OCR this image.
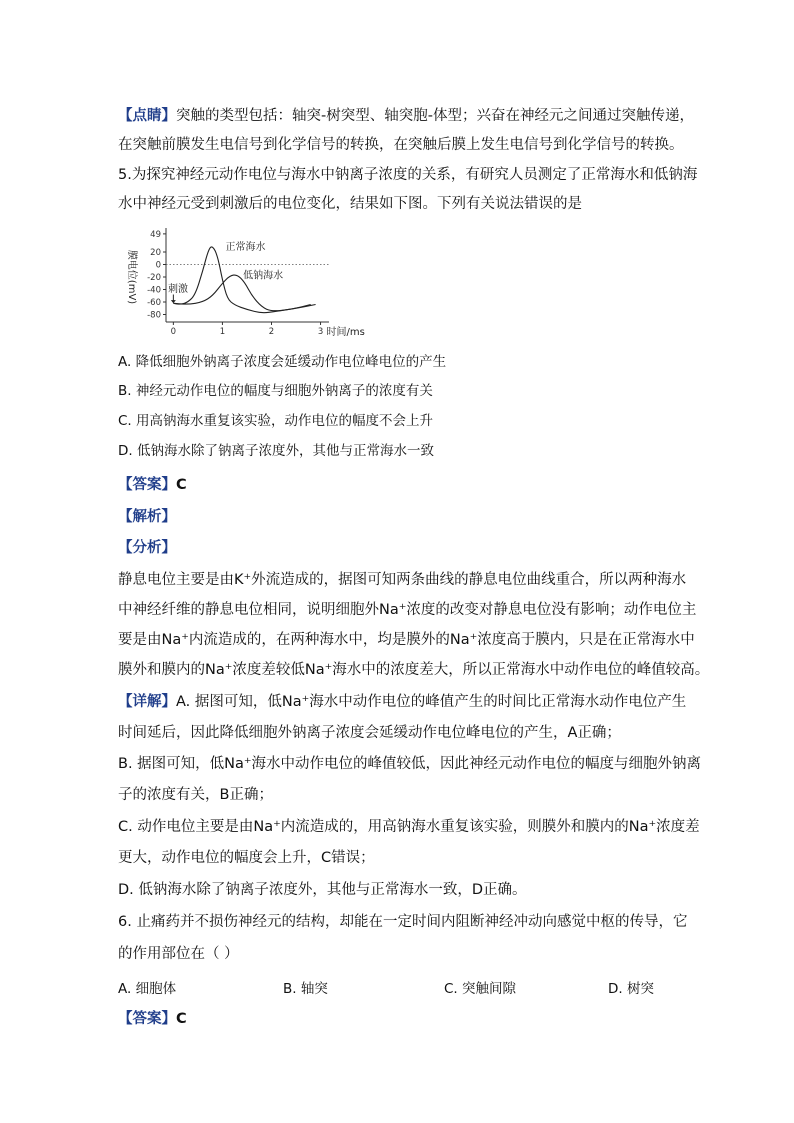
【点睛】突触的类型包括：轴突-树突型、轴突胞-体型；兴奋在神经元之间通过突触传递，
在突触前膜发生电信号到化学信号的转换，在突触后膜上发生电信号到化学信号的转换。
5.为探究神经元动作电位与海水中钠离子浓度的关系，有研究人员测定了正常海水和低钠海
水中神经元受到刺激后的电位变化，结果如下图。下列有关说法错误的是
49
20
0
-20
-40
-60
-80
0	1	2	3
膜电位(mV)
时间/ms
正常海水
低钠海水
刺激
A. 降低细胞外钠离子浓度会延缓动作电位峰电位的产生
B. 神经元动作电位的幅度与细胞外钠离子的浓度有关
C. 用高钠海水重复该实验，动作电位的幅度不会上升
D. 低钠海水除了钠离子浓度外，其他与正常海水一致
【答案】C
【解析】
【分析】
静息电位主要是由K⁺外流造成的，据图可知两条曲线的静息电位曲线重合，所以两种海水
中神经纤维的静息电位相同，说明细胞外Na⁺浓度的改变对静息电位没有影响；动作电位主
要是由Na⁺内流造成的，在两种海水中，均是膜外的Na⁺浓度高于膜内，只是在正常海水中
膜外和膜内的Na⁺浓度差较低Na⁺海水中的浓度差大，所以正常海水中动作电位的峰值较高。
【详解】A. 据图可知，低Na⁺海水中动作电位的峰值产生的时间比正常海水动作电位产生
时间延后，因此降低细胞外钠离子浓度会延缓动作电位峰电位的产生，A正确；
B. 据图可知，低Na⁺海水中动作电位的峰值较低，因此神经元动作电位的幅度与细胞外钠离
子的浓度有关，B正确；
C. 动作电位主要是由Na⁺内流造成的，用高钠海水重复该实验，则膜外和膜内的Na⁺浓度差
更大，动作电位的幅度会上升，C错误；
D. 低钠海水除了钠离子浓度外，其他与正常海水一致，D正确。
6. 止痛药并不损伤神经元的结构，却能在一定时间内阻断神经冲动向感觉中枢的传导，它
的作用部位在（ ）
A. 细胞体	B. 轴突	C. 突触间隙	D. 树突
【答案】C
